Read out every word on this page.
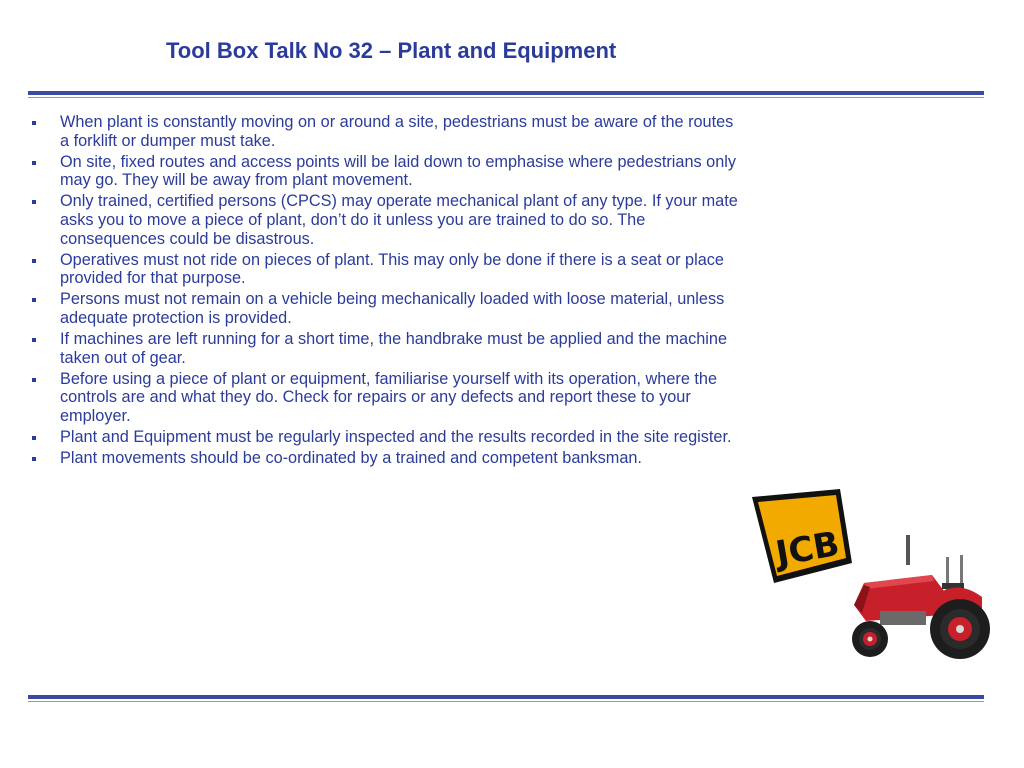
Tool Box Talk No 32 – Plant and Equipment
When plant is constantly moving on or around a site, pedestrians must be aware of the routes a forklift or dumper must take.
On site, fixed routes and access points will be laid down to emphasise where pedestrians only may go. They will be away from plant movement.
Only trained, certified persons (CPCS) may operate mechanical plant of any type. If your mate asks you to move a piece of plant, don’t do it unless you are trained to do so. The consequences could be disastrous.
Operatives must not ride on pieces of plant. This may only be done if there is a seat or place provided for that purpose.
Persons must not remain on a vehicle being mechanically loaded with loose material, unless adequate protection is provided.
If machines are left running for a short time, the handbrake must be applied and the machine taken out of gear.
Before using a piece of plant or equipment, familiarise yourself with its operation, where the controls are and what they do. Check for repairs or any defects and report these to your employer.
Plant and Equipment must be regularly inspected and the results recorded in the site register.
Plant movements should be co-ordinated by a trained and competent banksman.
JCB
